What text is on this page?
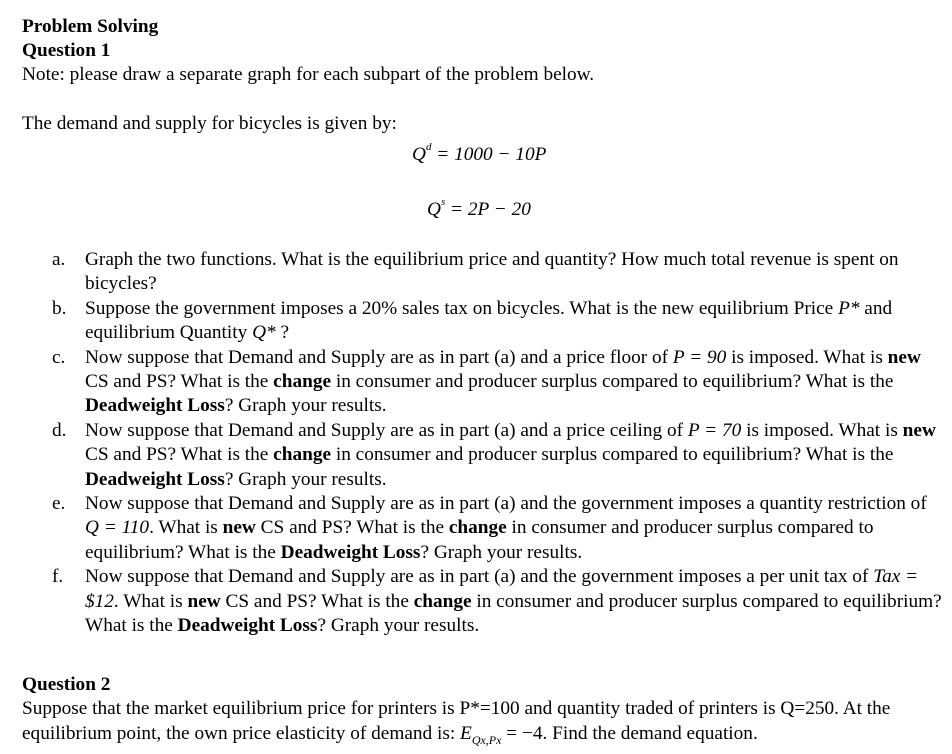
Problem Solving
Question 1
Note: please draw a separate graph for each subpart of the problem below.
The demand and supply for bicycles is given by:
$Q^d = 1000 - 10P$
$Q^s = 2P - 20$
a. Graph the two functions. What is the equilibrium price and quantity? How much total revenue is spent on bicycles?
b. Suppose the government imposes a 20% sales tax on bicycles. What is the new equilibrium Price P* and equilibrium Quantity Q* ?
c. Now suppose that Demand and Supply are as in part (a) and a price floor of P = 90 is imposed. What is new CS and PS? What is the change in consumer and producer surplus compared to equilibrium? What is the Deadweight Loss? Graph your results.
d. Now suppose that Demand and Supply are as in part (a) and a price ceiling of P = 70 is imposed. What is new CS and PS? What is the change in consumer and producer surplus compared to equilibrium? What is the Deadweight Loss? Graph your results.
e. Now suppose that Demand and Supply are as in part (a) and the government imposes a quantity restriction of Q = 110. What is new CS and PS? What is the change in consumer and producer surplus compared to equilibrium? What is the Deadweight Loss? Graph your results.
f. Now suppose that Demand and Supply are as in part (a) and the government imposes a per unit tax of Tax = $12. What is new CS and PS? What is the change in consumer and producer surplus compared to equilibrium? What is the Deadweight Loss? Graph your results.
Question 2
Suppose that the market equilibrium price for printers is P*=100 and quantity traded of printers is Q=250. At the equilibrium point, the own price elasticity of demand is: $E_{Qx,Px} = -4$. Find the demand equation.
